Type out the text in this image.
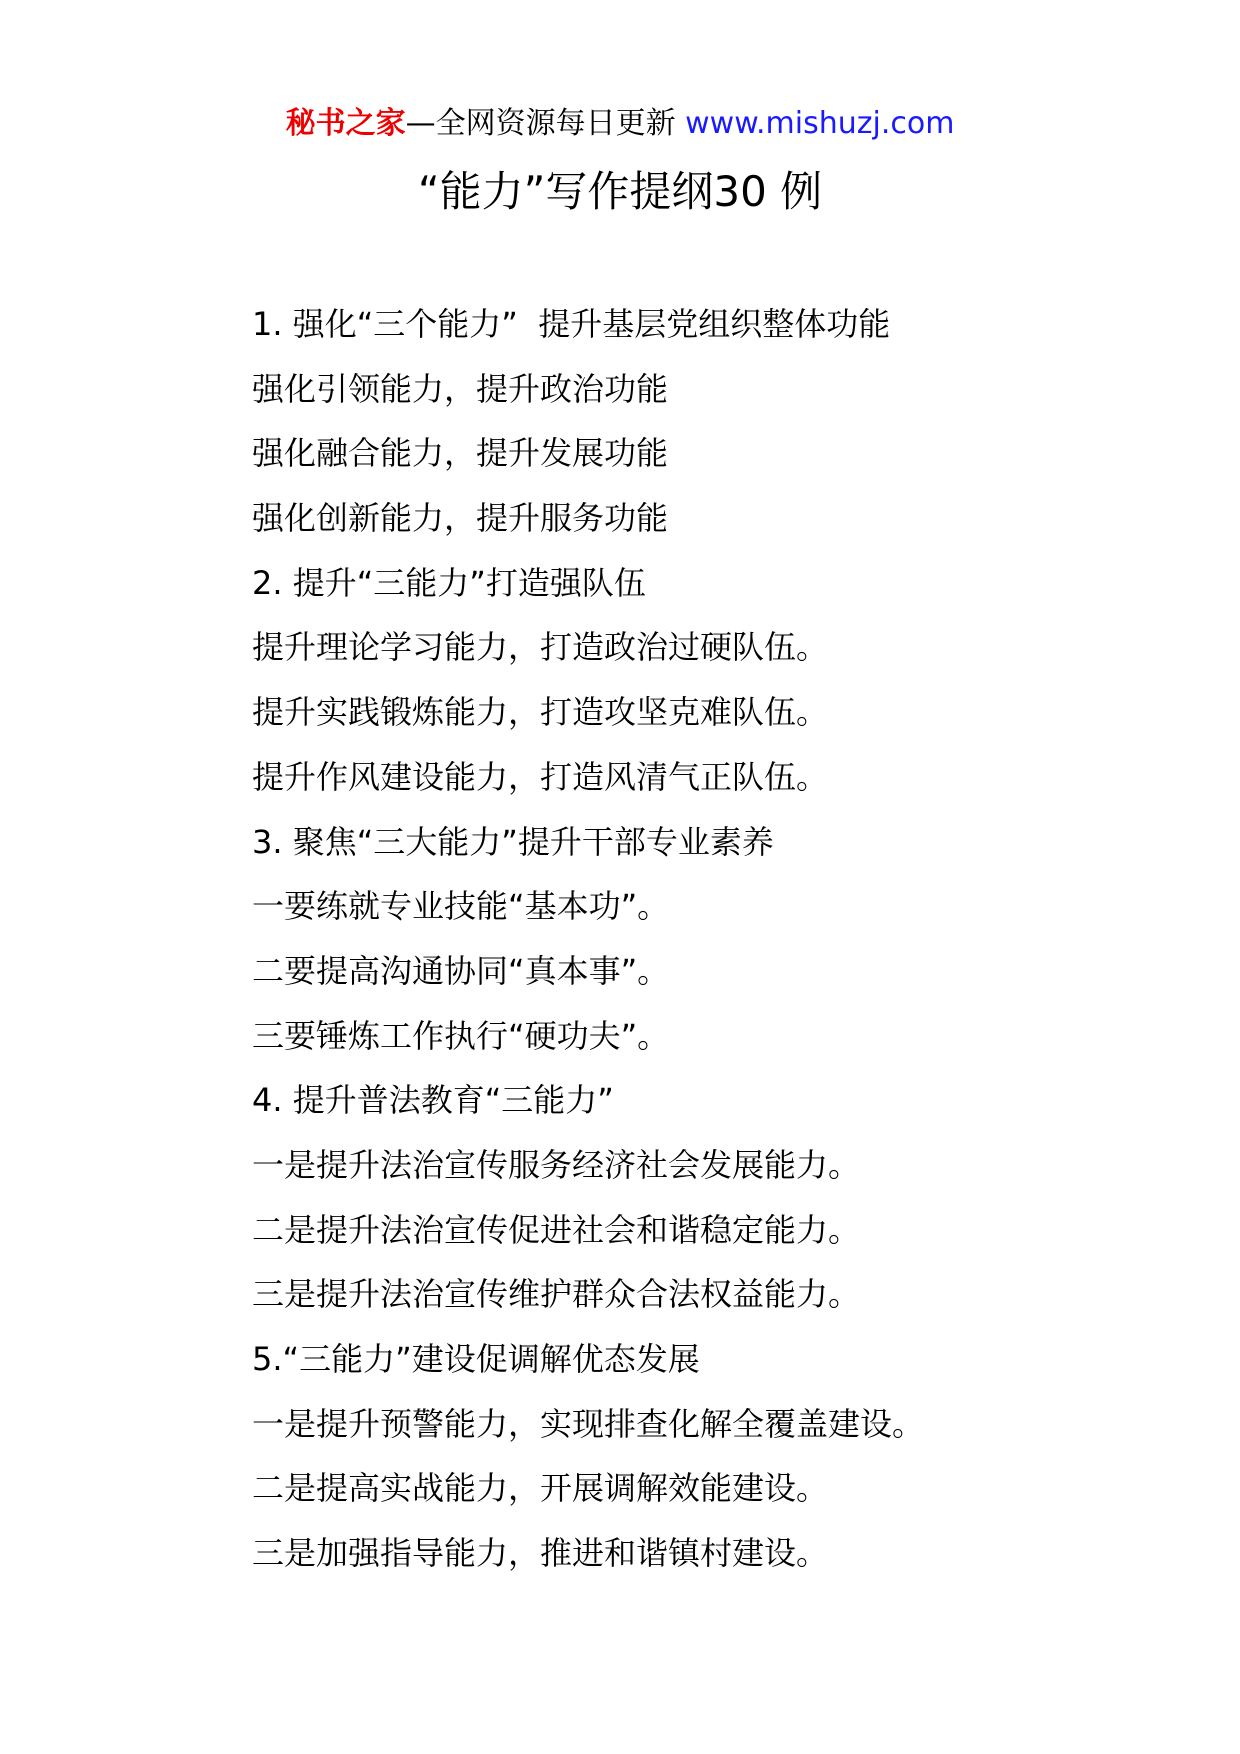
秘书之家—全网资源每日更新 www.mishuzj.com
“能力”写作提纲30 例
1. 强化“三个能力”  提升基层党组织整体功能
强化引领能力，提升政治功能
强化融合能力，提升发展功能
强化创新能力，提升服务功能
2. 提升“三能力”打造强队伍
提升理论学习能力，打造政治过硬队伍。
提升实践锻炼能力，打造攻坚克难队伍。
提升作风建设能力，打造风清气正队伍。
3. 聚焦“三大能力”提升干部专业素养
一要练就专业技能“基本功”。
二要提高沟通协同“真本事”。
三要锤炼工作执行“硬功夫”。
4. 提升普法教育“三能力”
一是提升法治宣传服务经济社会发展能力。
二是提升法治宣传促进社会和谐稳定能力。
三是提升法治宣传维护群众合法权益能力。
5.“三能力”建设促调解优态发展
一是提升预警能力，实现排查化解全覆盖建设。
二是提高实战能力，开展调解效能建设。
三是加强指导能力，推进和谐镇村建设。
